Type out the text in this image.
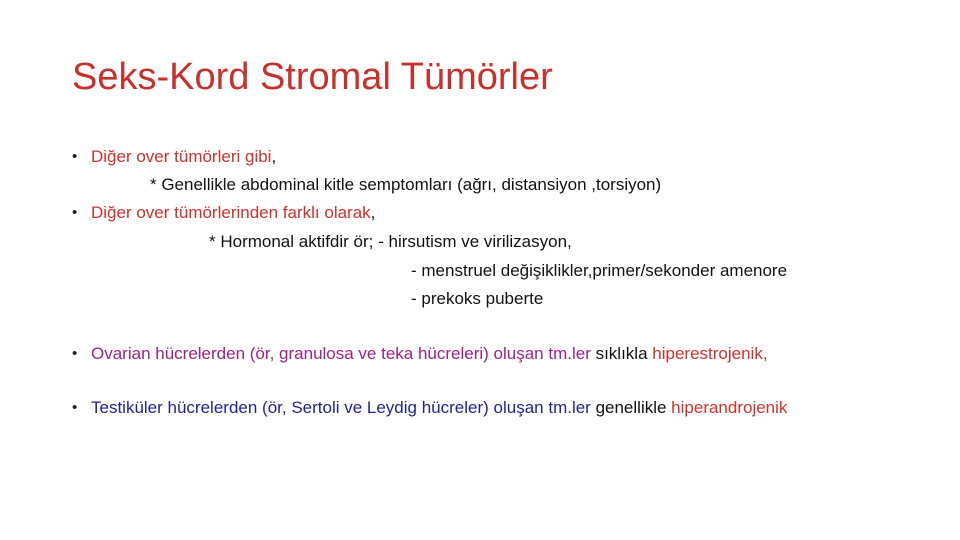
Seks-Kord Stromal Tümörler
• Diğer over tümörleri gibi,
* Genellikle abdominal kitle semptomları (ağrı, distansiyon ,torsiyon)
• Diğer over tümörlerinden farklı olarak,
* Hormonal aktifdir ör; - hirsutism ve virilizasyon,
- menstruel değişiklikler,primer/sekonder amenore
- prekoks puberte
• Ovarian hücrelerden (ör, granulosa ve teka hücreleri) oluşan tm.ler sıklıkla hiperestrojenik,
• Testiküler hücrelerden (ör, Sertoli ve Leydig hücreler) oluşan tm.ler genellikle hiperandrojenik
